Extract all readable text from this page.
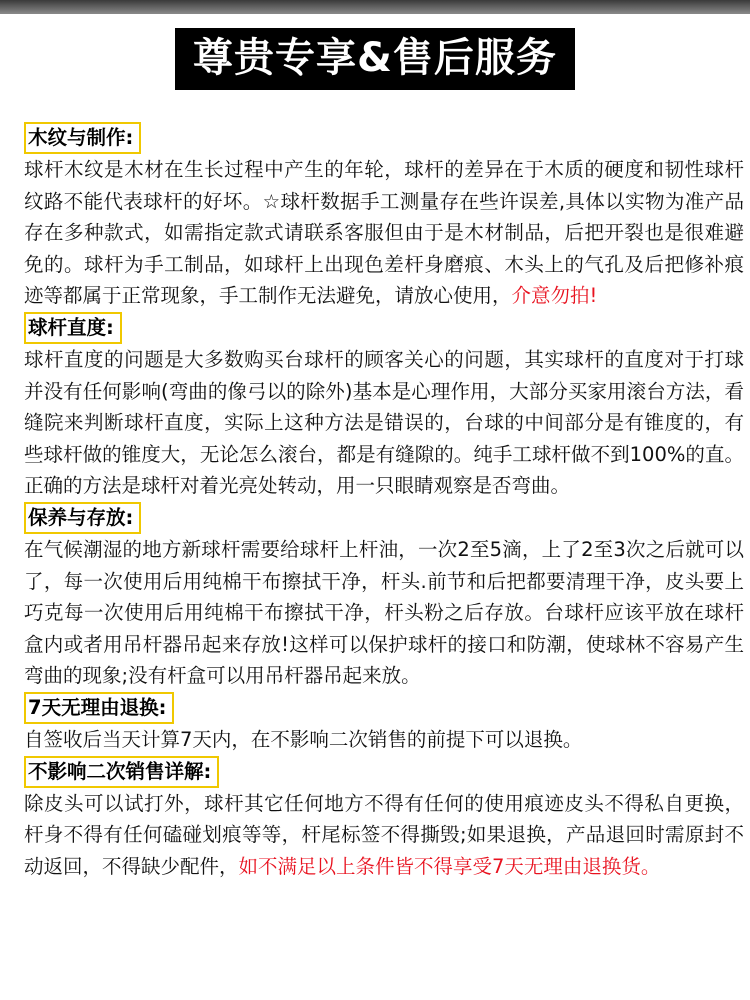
尊贵专享&售后服务
木纹与制作:

球杆木纹是木材在生长过程中产生的年轮，球杆的差异在于木质的硬度和韧性球杆纹路不能代表球杆的好坏。☆球杆数据手工测量存在些许误差,具体以实物为准产品存在多种款式，如需指定款式请联系客服但由于是木材制品，后把开裂也是很难避免的。球杆为手工制品，如球杆上出现色差杆身磨痕、木头上的气孔及后把修补痕迹等都属于正常现象，手工制作无法避免，请放心使用，介意勿拍!

球杆直度:

球杆直度的问题是大多数购买台球杆的顾客关心的问题，其实球杆的直度对于打球并没有任何影响(弯曲的像弓以的除外)基本是心理作用，大部分买家用滚台方法，看缝院来判断球杆直度，实际上这种方法是错误的，台球的中间部分是有锥度的，有些球杆做的锥度大，无论怎么滚台，都是有缝隙的。纯手工球杆做不到100%的直。正确的方法是球杆对着光亮处转动，用一只眼睛观察是否弯曲。

保养与存放:

在气候潮湿的地方新球杆需要给球杆上杆油，一次2至5滴，上了2至3次之后就可以了，每一次使用后用纯棉干布擦拭干净，杆头.前节和后把都要清理干净，皮头要上巧克每一次使用后用纯棉干布擦拭干净，杆头粉之后存放。台球杆应该平放在球杆盒内或者用吊杆器吊起来存放!这样可以保护球杆的接口和防潮，使球林不容易产生弯曲的现象;没有杆盒可以用吊杆器吊起来放。

7天无理由退换:

自签收后当天计算7天内，在不影响二次销售的前提下可以退换。

不影响二次销售详解:

除皮头可以试打外，球杆其它任何地方不得有任何的使用痕迹皮头不得私自更换，杆身不得有任何磕碰划痕等等，杆尾标签不得撕毁;如果退换，产品退回时需原封不动返回，不得缺少配件，如不满足以上条件皆不得享受7天无理由退换货。
